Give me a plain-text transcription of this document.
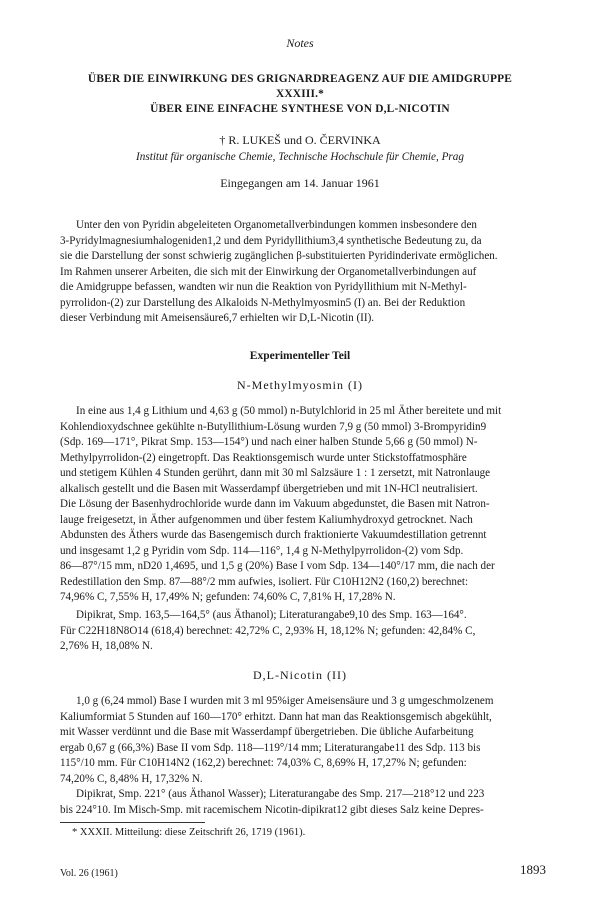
Notes
ÜBER DIE EINWIRKUNG DES GRIGNARDREAGENZ AUF DIE AMIDGRUPPE
XXXIII.*
ÜBER EINE EINFACHE SYNTHESE VON D,L-NICOTIN
† R. LUKEŠ und O. ČERVINKA
Institut für organische Chemie, Technische Hochschule für Chemie, Prag
Eingegangen am 14. Januar 1961

Unter den von Pyridin abgeleiteten Organometallverbindungen kommen insbesondere den
3-Pyridylmagnesiumhalogeniden1,2 und dem Pyridyllithium3,4 synthetische Bedeutung zu, da
sie die Darstellung der sonst schwierig zugänglichen β-substituierten Pyridinderivate ermöglichen.
Im Rahmen unserer Arbeiten, die sich mit der Einwirkung der Organometallverbindungen auf
die Amidgruppe befassen, wandten wir nun die Reaktion von Pyridyllithium mit N-Methyl-
pyrrolidon-(2) zur Darstellung des Alkaloids N-Methylmyosmin5 (I) an. Bei der Reduktion
dieser Verbindung mit Ameisensäure6,7 erhielten wir D,L-Nicotin (II).

Experimenteller Teil
N-Methylmyosmin (I)

In eine aus 1,4 g Lithium und 4,63 g (50 mmol) n-Butylchlorid in 25 ml Äther bereitete und mit
Kohlendioxydschnee gekühlte n-Butyllithium-Lösung wurden 7,9 g (50 mmol) 3-Brompyridin9
(Sdp. 169—171°, Pikrat Smp. 153—154°) und nach einer halben Stunde 5,66 g (50 mmol) N-
Methylpyrrolidon-(2) eingetropft. Das Reaktionsgemisch wurde unter Stickstoffatmosphäre
und stetigem Kühlen 4 Stunden gerührt, dann mit 30 ml Salzsäure 1 : 1 zersetzt, mit Natronlauge
alkalisch gestellt und die Basen mit Wasserdampf übergetrieben und mit 1N-HCl neutralisiert.
Die Lösung der Basenhydrochloride wurde dann im Vakuum abgedunstet, die Basen mit Natron-
lauge freigesetzt, in Äther aufgenommen und über festem Kaliumhydroxyd getrocknet. Nach
Abdunsten des Äthers wurde das Basengemisch durch fraktionierte Vakuumdestillation getrennt
und insgesamt 1,2 g Pyridin vom Sdp. 114—116°, 1,4 g N-Methylpyrrolidon-(2) vom Sdp.
86—87°/15 mm, nD20 1,4695, und 1,5 g (20%) Base I vom Sdp. 134—140°/17 mm, die nach der
Redestillation den Smp. 87—88°/2 mm aufwies, isoliert. Für C10H12N2 (160,2) berechnet:
74,96% C, 7,55% H, 17,49% N; gefunden: 74,60% C, 7,81% H, 17,28% N.

Dipikrat, Smp. 163,5—164,5° (aus Äthanol); Literaturangabe9,10 des Smp. 163—164°.
Für C22H18N8O14 (618,4) berechnet: 42,72% C, 2,93% H, 18,12% N; gefunden: 42,84% C,
2,76% H, 18,08% N.

D,L-Nicotin (II)

1,0 g (6,24 mmol) Base I wurden mit 3 ml 95%iger Ameisensäure und 3 g umgeschmolzenem
Kaliumformiat 5 Stunden auf 160—170° erhitzt. Dann hat man das Reaktionsgemisch abgekühlt,
mit Wasser verdünnt und die Base mit Wasserdampf übergetrieben. Die übliche Aufarbeitung
ergab 0,67 g (66,3%) Base II vom Sdp. 118—119°/14 mm; Literaturangabe11 des Sdp. 113 bis
115°/10 mm. Für C10H14N2 (162,2) berechnet: 74,03% C, 8,69% H, 17,27% N; gefunden:
74,20% C, 8,48% H, 17,32% N.

* XXXII. Mitteilung: diese Zeitschrift 26, 1719 (1961).
Vol. 26 (1961)	1893

Dipikrat, Smp. 221° (aus Äthanol Wasser); Literaturangabe des Smp. 217—218°12 und 223
bis 224°10. Im Misch-Smp. mit racemischem Nicotin-dipikrat12 gibt dieses Salz keine Depres-
